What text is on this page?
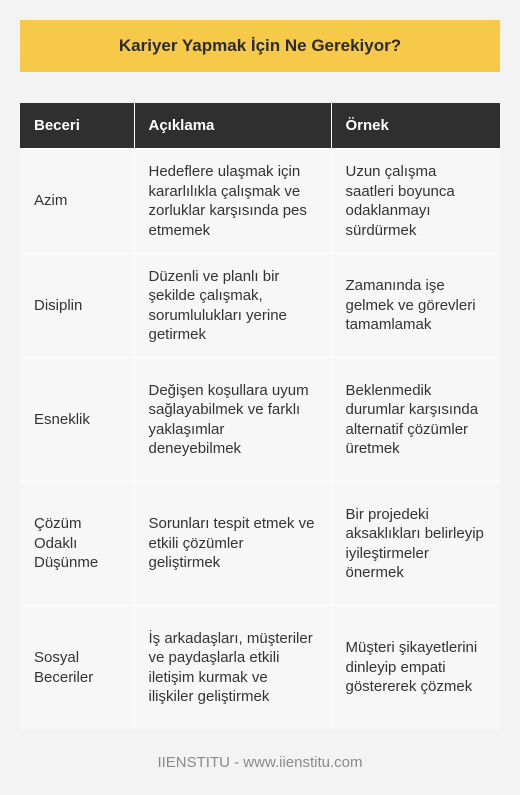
Kariyer Yapmak İçin Ne Gerekiyor?
Beceri	Açıklama	Örnek
Azim	Hedeflere ulaşmak için kararlılıkla çalışmak ve zorluklar karşısında pes etmemek	Uzun çalışma saatleri boyunca odaklanmayı sürdürmek
Disiplin	Düzenli ve planlı bir şekilde çalışmak, sorumlulukları yerine getirmek	Zamanında işe gelmek ve görevleri tamamlamak
Esneklik	Değişen koşullara uyum sağlayabilmek ve farklı yaklaşımlar deneyebilmek	Beklenmedik durumlar karşısında alternatif çözümler üretmek
Çözüm Odaklı Düşünme	Sorunları tespit etmek ve etkili çözümler geliştirmek	Bir projedeki aksaklıkları belirleyip iyileştirmeler önermek
Sosyal Beceriler	İş arkadaşları, müşteriler ve paydaşlarla etkili iletişim kurmak ve ilişkiler geliştirmek	Müşteri şikayetlerini dinleyip empati göstererek çözmek
IIENSTITU - www.iienstitu.com
